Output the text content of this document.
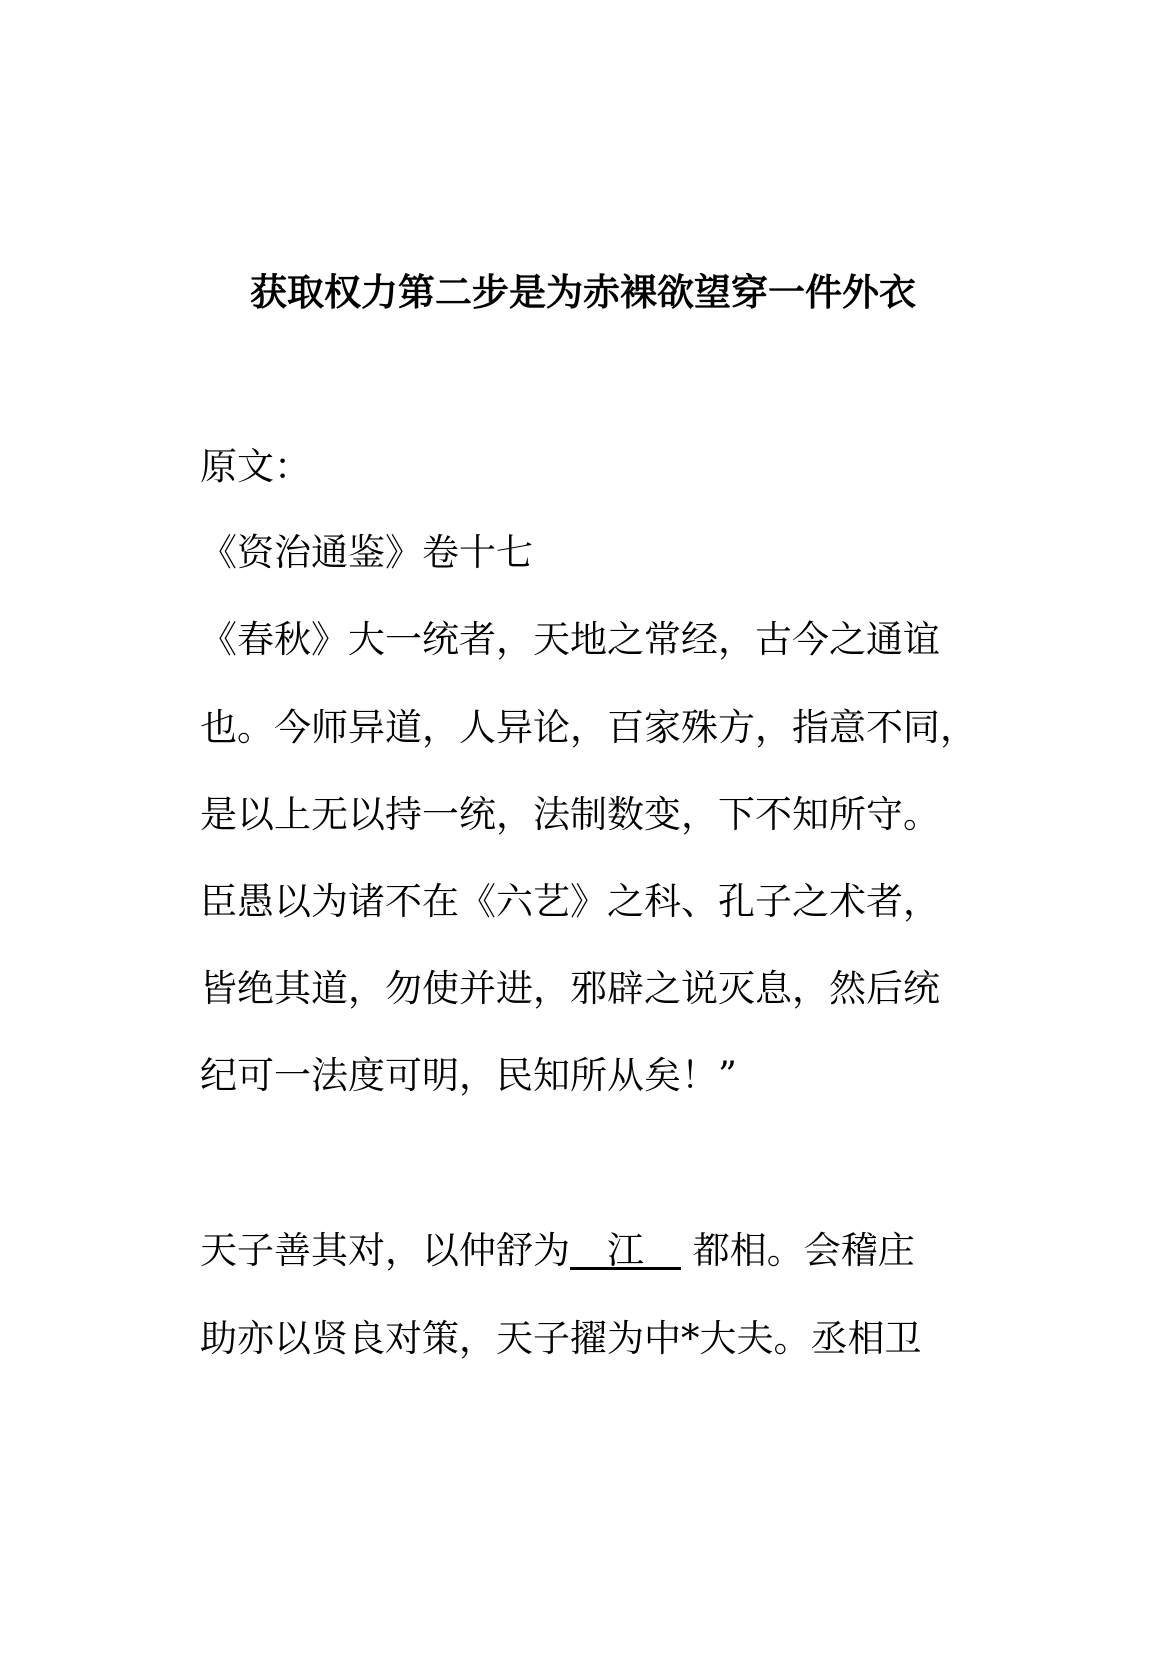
获取权力第二步是为赤裸欲望穿一件外衣
原文：
《资治通鉴》卷十七
《春秋》大一统者，天地之常经，古今之通谊
也。今师异道，人异论，百家殊方，指意不同，
是以上无以持一统，法制数变，下不知所守。
臣愚以为诸不在《六艺》之科、孔子之术者，
皆绝其道，勿使并进，邪辟之说灭息，然后统
纪可一法度可明，民知所从矣！”
天子善其对，以仲舒为  江  都相。会稽庄
助亦以贤良对策，天子擢为中*大夫。丞相卫
